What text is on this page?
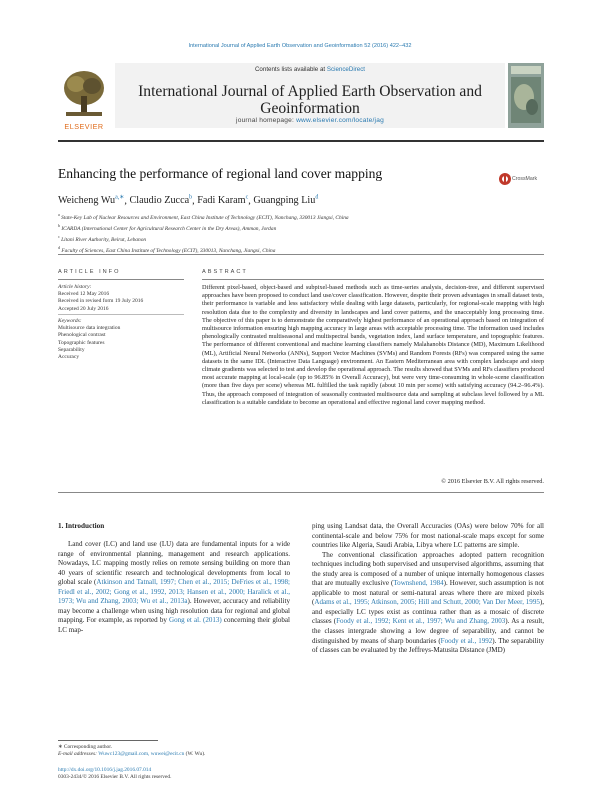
International Journal of Applied Earth Observation and Geoinformation 52 (2016) 422–432
ELSEVIER
Contents lists available at ScienceDirect
International Journal of Applied Earth Observation and
Geoinformation
journal homepage: www.elsevier.com/locate/jag
Enhancing the performance of regional land cover mapping	CrossMark
Weicheng $Wu^{a,∗}$, Claudio Zucca$^b$, Fadi Karam$^c$, Guangping Liu$^d$
$^a$ State-Key Lab of Nuclear Resources and Environment, East China Institute of Technology (ECIT), Nanchang, 330013 Jiangxi, China
$^b$ ICARDA (International Center for Agricultural Research Center in the Dry Areas), Amman, Jordan
$^c$ Litani River Authority, Beirut, Lebanon
$^d$ Faculty of Sciences, East China Institute of Technology (ECIT), 330013, Nanchang, Jiangxi, China
ARTICLE INFO
Article history:
Received 12 May 2016
Received in revised form 19 July 2016
Accepted 20 July 2016
Keywords:
Multisource data integration
Phenological contrast
Topographic features
Separability
Accuracy
ABSTRACT
Different pixel-based, object-based and subpixel-based methods such as time-series analysis, decision-tree, and different supervised approaches have been proposed to conduct land use/cover classification. However, despite their proven advantages in small dataset tests, their performance is variable and less satisfactory while dealing with large datasets, particularly, for regional-scale mapping with high resolution data due to the complexity and diversity in landscapes and land cover patterns, and the unacceptably long processing time. The objective of this paper is to demonstrate the comparatively highest performance of an operational approach based on integration of multisource information ensuring high mapping accuracy in large areas with acceptable processing time. The information used includes phenologically contrasted multiseasonal and multispectral bands, vegetation index, land surface temperature, and topographic features. The performance of different conventional and machine learning classifiers namely Malahanobis Distance (MD), Maximum Likelihood (ML), Artificial Neural Networks (ANNs), Support Vector Machines (SVMs) and Random Forests (RFs) was compared using the same datasets in the same IDL (Interactive Data Language) environment. An Eastern Mediterranean area with complex landscape and steep climate gradients was selected to test and develop the operational approach. The results showed that SVMs and RFs classifiers produced most accurate mapping at local-scale (up to 96.85% in Overall Accuracy), but were very time-consuming in whole-scene classification (more than five days per scene) whereas ML fulfilled the task rapidly (about 10 min per scene) with satisfying accuracy (94.2–96.4%). Thus, the approach composed of integration of seasonally contrasted multisource data and sampling at subclass level followed by a ML classification is a suitable candidate to become an operational and effective regional land cover mapping method.
© 2016 Elsevier B.V. All rights reserved.
1. Introduction

Land cover (LC) and land use (LU) data are fundamental inputs for a wide range of environmental planning, management and research applications. Nowadays, LC mapping mostly relies on remote sensing building on more than 40 years of scientific research and technological developments from local to global scale (Atkinson and Tatnall, 1997; Chen et al., 2015; DeFries et al., 1998; Friedl et al., 2002; Gong et al., 1992, 2013; Hansen et al., 2000; Haralick et al., 1973; Wu and Zhang, 2003; Wu et al., 2013a). However, accuracy and reliability may become a challenge when using high resolution data for regional and global mapping. For example, as reported by Gong et al. (2013) concerning their global LC map-

ping using Landsat data, the Overall Accuracies (OAs) were below 70% for all continental-scale and below 75% for most national-scale maps except for some countries like Algeria, Saudi Arabia, Libya where LC patterns are simple.

The conventional classification approaches adopted pattern recognition techniques including both supervised and unsupervised algorithms, assuming that the study area is composed of a number of unique internally homogenous classes that are mutually exclusive (Townshend, 1984). However, such assumption is not applicable to most natural or semi-natural areas where there are mixed pixels (Adams et al., 1995; Atkinson, 2005; Hill and Schutt, 2000; Van Der Meer, 1995), and especially LC types exist as continua rather than as a mosaic of discrete classes (Foody et al., 1992; Kent et al., 1997; Wu and Zhang, 2003). As a result, the classes intergrade showing a low degree of separability, and cannot be distinguished by means of sharp boundaries (Foody et al., 1992). The separability of classes can be evaluated by the Jeffreys-Matusita Distance (JMD)

∗ Corresponding author.
E-mail addresses: Wuwc123@gmail.com, wuwei@ecit.cn (W. Wu).
http://dx.doi.org/10.1016/j.jag.2016.07.014
0303-2434/© 2016 Elsevier B.V. All rights reserved.
